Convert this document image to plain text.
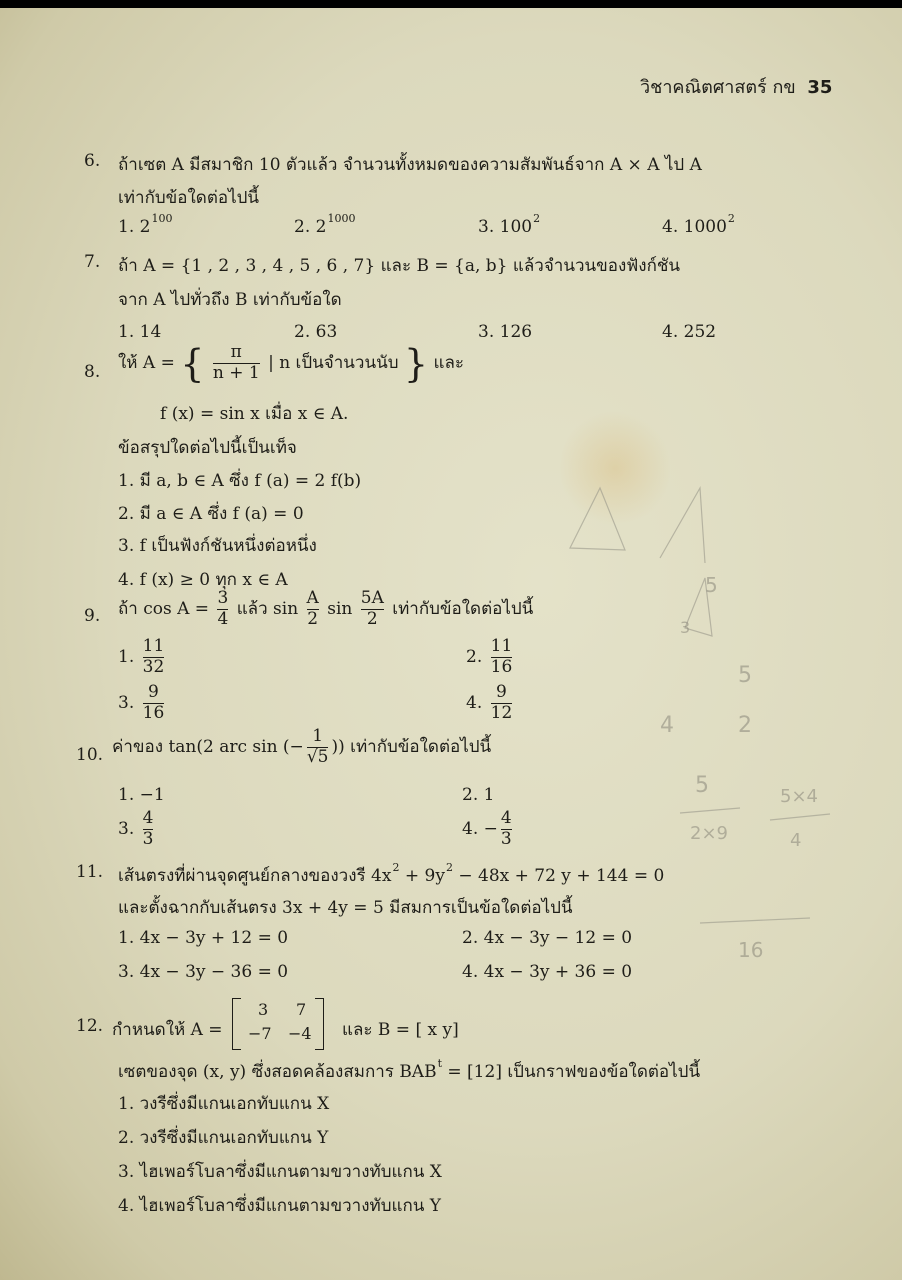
วิชาคณิตศาสตร์ กข 35
6. ถ้าเซต A มีสมาชิก 10 ตัวแล้ว จำนวนทั้งหมดของความสัมพันธ์จาก A × A ไป A
เท่ากับข้อใดต่อไปนี้
1. $2^{100}$	2. $2^{1000}$	3. $100^2$	4. 1000$^2$
7. ถ้า A = {1 , 2 , 3 , 4 , 5 , 6 , 7} และ B = {a, b} แล้วจำนวนของฟังก์ชัน
จาก A ไปทั่วถึง B เท่ากับข้อใด
1. 14	2. 63	3. 126	4. 252
8. ให้ A = { $\frac{\pi}{n + 1}$ | n เป็นจำนวนนับ } และ
f (x) = sin x เมื่อ x ∈ A.
ข้อสรุปใดต่อไปนี้เป็นเท็จ
1. มี a, b ∈ A ซึ่ง f (a) = 2 f(b)
2. มี a ∈ A ซึ่ง f (a) = 0
3. f เป็นฟังก์ชันหนึ่งต่อหนึ่ง
4. f (x) ≥ 0 ทุก x ∈ A
9. ถ้า $\cos A = \frac{3}{4}$ แล้ว $\sin \frac{A}{2}$ $\sin \frac{5A}{2}$ เท่ากับข้อใดต่อไปนี้
1. $\frac{11}{32}$	2. $\frac{11}{16}$
3. $\frac{9}{16}$	4. $\frac{9}{12}$
10. ค่าของ tan(2 arc sin (− $\frac{1}{√5}$ )) เท่ากับข้อใดต่อไปนี้
1. −1	2. 1
3. $\frac{4}{3}$	4. − $\frac{4}{3}$
11. เส้นตรงที่ผ่านจุดศูนย์กลางของวงรี $4x^2 + 9y^2 - 48x + 72$ y + 144 = 0
และตั้งฉากกับเส้นตรง 3x + 4y = 5 มีสมการเป็นข้อใดต่อไปนี้
1. 4x − 3y + 12 = 0	2. 4x − 3y − 12 = 0
3. 4x − 3y − 36 = 0	4. 4x − 3y + 36 = 0
12. กำหนดให้ A =
3 7
−7 −4 และ B = [ x y]
เซตของจุด (x, y) ซึ่งสอดคล้องสมการ $BAB^t = [12]$ เป็นกราฟของข้อใดต่อไปนี้
1. วงรีซึ่งมีแกนเอกทับแกน X
2. วงรีซึ่งมีแกนเอกทับแกน Y
3. ไฮเพอร์โบลาซึ่งมีแกนตามขวางทับแกน X
4. ไฮเพอร์โบลาซึ่งมีแกนตามขวางทับแกน Y
5
5
2×9
5×4
4
16
5
4	2
3
